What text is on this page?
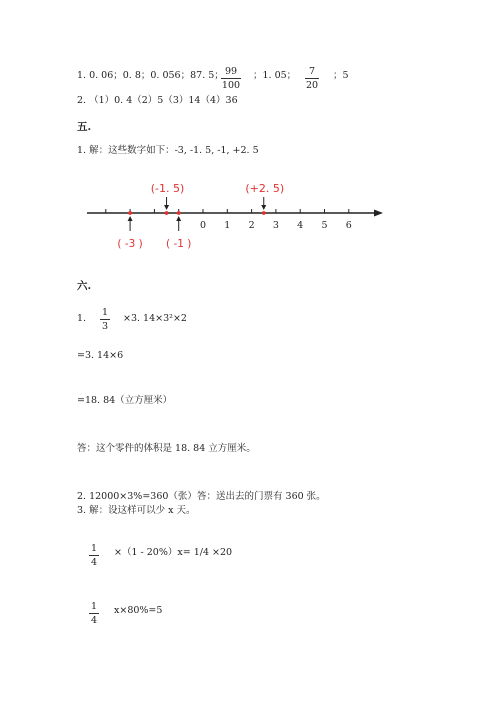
1. 0. 06；0. 8；0. 056；87. 5； 99
100
；1. 05；	7
20
；5
2. （1）0. 4（2）5（3）14（4）36
五.
1. 解：这些数字如下：-3, -1. 5, -1, +2. 5
0 1 2 3 4 5 6
(-1. 5)	(+2. 5)
( -3 ) ( -1 )
六.
1.
1
3
×3. 14×3²×2
=3. 14×6
=18. 84（立方厘米）
答：这个零件的体积是 18. 84 立方厘米。
2. 12000×3%=360（张） 答：送出去的门票有 360 张。
3. 解：设这样可以少 x 天。
1
4
×（1 - 20%）x= 1/4 ×20
1
4
x×80%=5
